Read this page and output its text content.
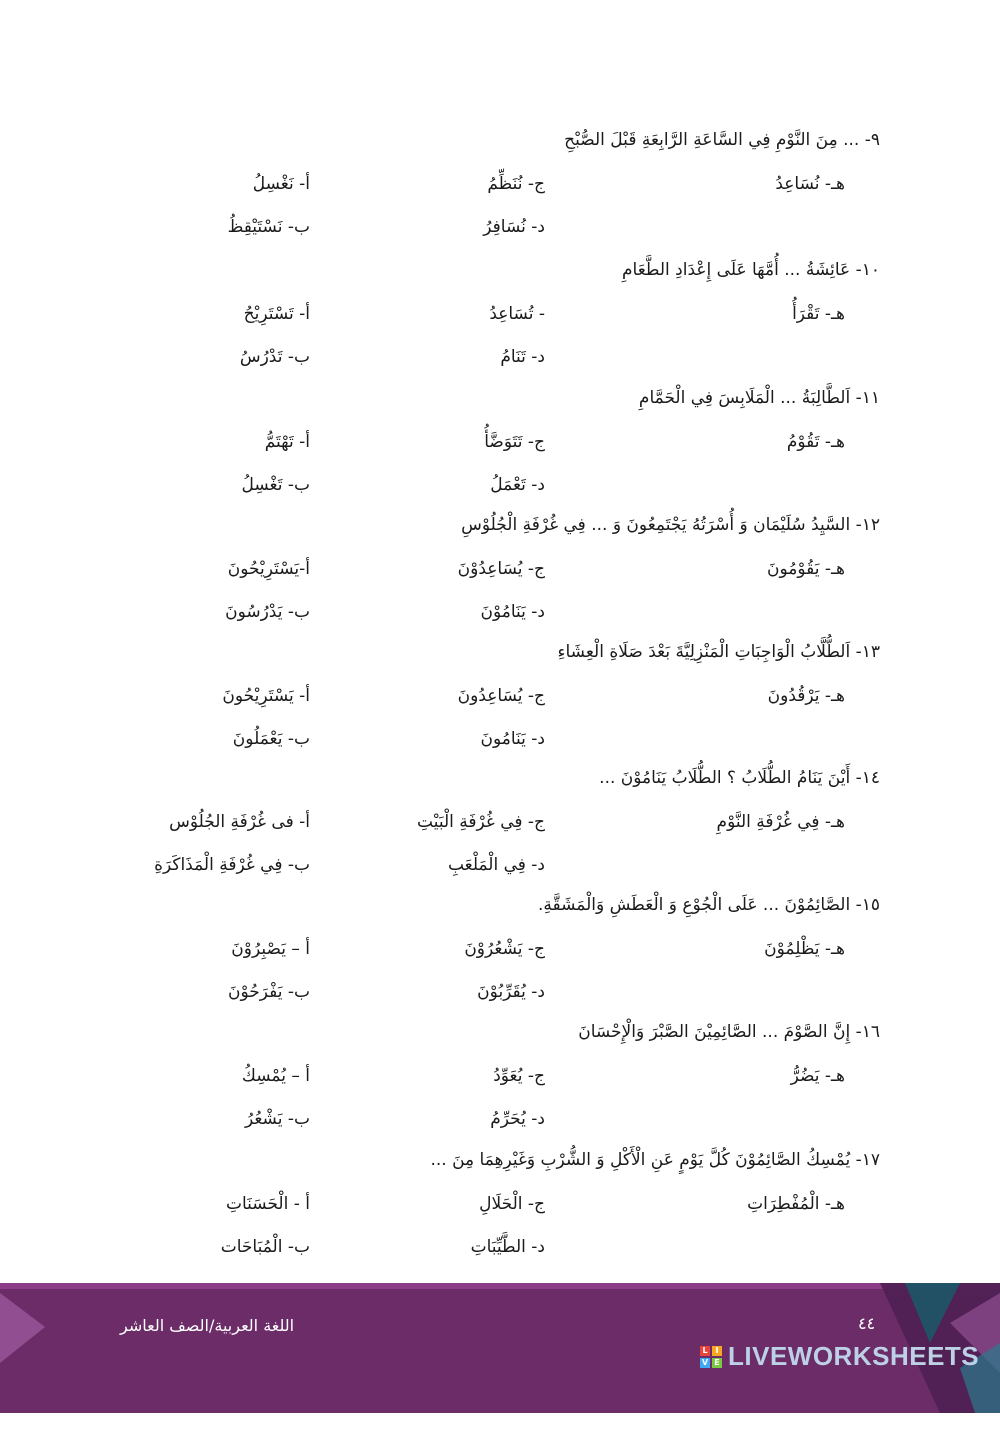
٩- ... مِنَ النَّوْمِ فِي السَّاعَةِ الرَّابِعَةِ قَبْلَ الصُّبْحِ
أ- نَغْسِلُ
ب- نَسْتَيْقِظُ
ج- نُنَظِّمُ
د- نُسَافِرُ
هـ- نُسَاعِدُ
١٠- عَائِشَةُ ... أُمَّهَا عَلَى إِعْدَادِ الطَّعَامِ
أ- تَسْتَرِيْحُ
ب- تَدْرُسُ
- تُسَاعِدُ
د- تَنَامُ
هـ- تَقْرَأُ
١١- اَلطَّالِبَةُ ... الْمَلَابِسَ فِي الْحَمَّامِ
أ- تَهْتَمُّ
ب- تَغْسِلُ
ج- تَتَوَضَّأُ
د- تَعْمَلُ
هـ- تَقُوْمُ
١٢- السَّيِدُ سُلَيْمَان وَ أُسْرَتُهُ يَجْتَمِعُونَ وَ ... فِي غُرْفَةِ الْجُلُوْسِ
أ-يَسْتَرِيْحُونَ
ب- يَدْرُسُونَ
ج- يُسَاعِدُوْنَ
د- يَنَامُوْنَ
هـ- يَقُوْمُونَ
١٣- اَلطُّلَّابُ الْوَاجِبَاتِ الْمَنْزِلِيَّةَ بَعْدَ صَلَاةِ الْعِشَاءِ
أ- يَسْتَرِيْحُونَ
ب- يَعْمَلُونَ
ج- يُسَاعِدُونَ
د- يَنَامُونَ
هـ- يَرْقُدُونَ
١٤- أَيْنَ يَنَامُ الطُّلَابُ ؟ الطُّلَابُ يَنَامُوْنَ ...
أ- فى غُرْفَةِ الجُلُوْس
ب- فِي غُرْفَةِ الْمَذَاكَرَةِ
ج- فِي غُرْفَةِ الْبَيْتِ
د- فِي الْمَلْعَبِ
هـ- فِي غُرْفَةِ النَّوْمِ
١٥- الصَّائِمُوْنَ ... عَلَى الْجُوْعِ وَ الْعَطَشِ وَالْمَشَقَّةِ.
أ – يَصْبِرُوْنَ
ب- يَفْرَحُوْنَ
ج- يَشْعُرُوْنَ
د- يُقَرِّبُوْنَ
هـ- يَظْلِمُوْنَ
١٦- إِنَّ الصَّوْمَ ... الصَّائِمِيْنَ الصَّبْرَ وَالْإِحْسَانَ
أ – يُمْسِكُ
ب- يَشْعُرُ
ج- يُعَوِّدُ
د- يُحَرِّمُ
هـ- يَضُرُّ
١٧- يُمْسِكُ الصَّائِمُوْنَ كُلَّ يَوْمٍ عَنِ الْأَكْلِ وَ الشُّرْبِ وَغَيْرِهِمَا مِنَ ...
أ - الْحَسَنَاتِ
ب- الْمُبَاحَات
ج- الْحَلَالِ
د- الطَّيِّبَاتِ
هـ- الْمُفْطِرَاتِ
اللغة العربية/الصف العاشر	٤٤
L I
V E LIVEWORKSHEETS
